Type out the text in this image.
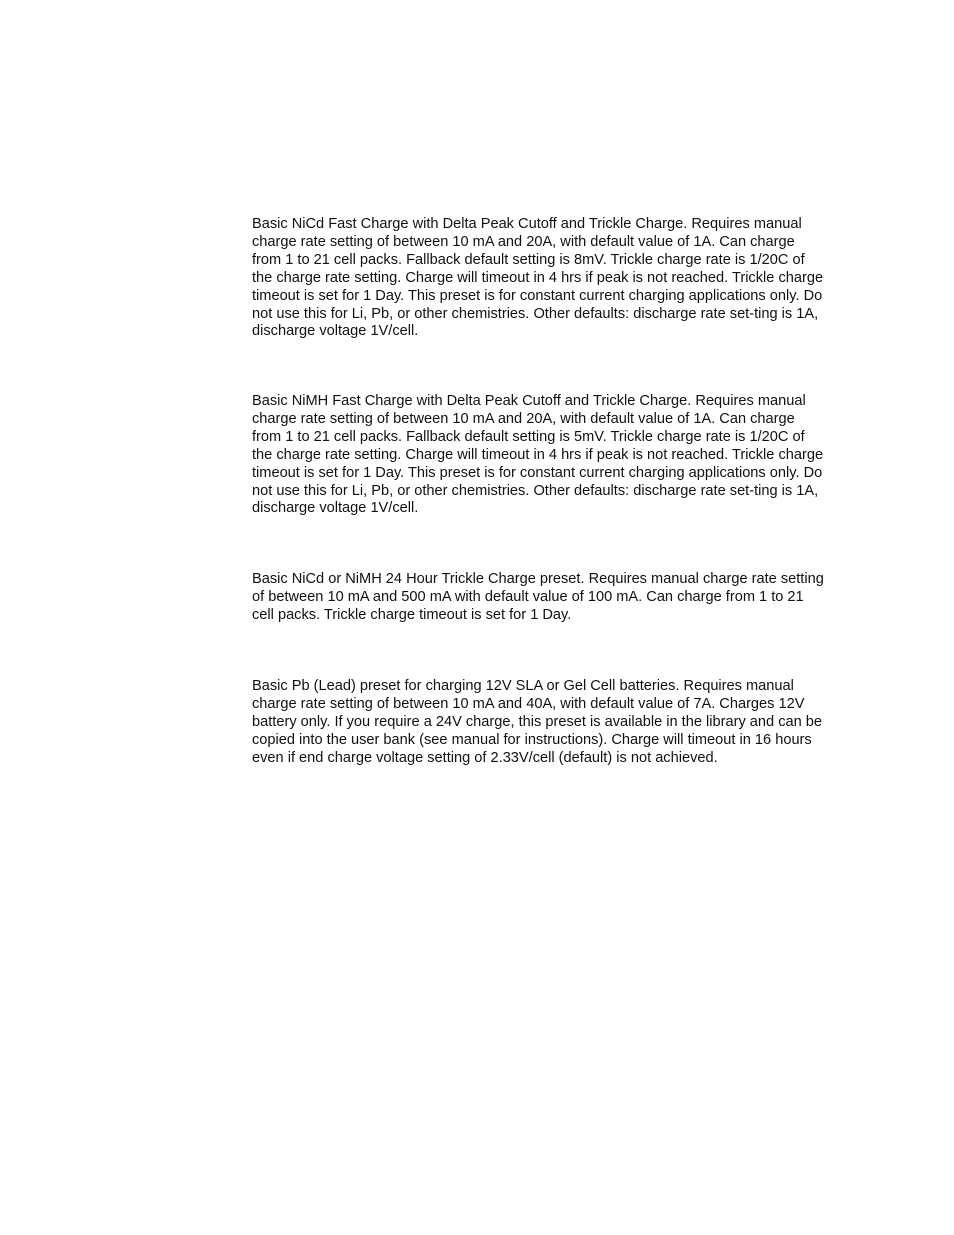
Basic NiCd Fast Charge with Delta Peak Cutoff and Trickle Charge. Requires manual
charge rate setting of between 10 mA and 20A, with default value of 1A. Can charge
from 1 to 21 cell packs. Fallback default setting is 8mV. Trickle charge rate is 1/20C of
the charge rate setting. Charge will timeout in 4 hrs if peak is not reached. Trickle charge
timeout is set for 1 Day. This preset is for constant current charging applications only. Do
not use this for Li, Pb, or other chemistries. Other defaults: discharge rate set-ting is 1A,
discharge voltage 1V/cell.

Basic NiMH Fast Charge with Delta Peak Cutoff and Trickle Charge. Requires manual
charge rate setting of between 10 mA and 20A, with default value of 1A. Can charge
from 1 to 21 cell packs. Fallback default setting is 5mV. Trickle charge rate is 1/20C of
the charge rate setting. Charge will timeout in 4 hrs if peak is not reached. Trickle charge
timeout is set for 1 Day. This preset is for constant current charging applications only. Do
not use this for Li, Pb, or other chemistries. Other defaults: discharge rate set-ting is 1A,
discharge voltage 1V/cell.

Basic NiCd or NiMH 24 Hour Trickle Charge preset. Requires manual charge rate setting
of between 10 mA and 500 mA with default value of 100 mA. Can charge from 1 to 21
cell packs. Trickle charge timeout is set for 1 Day.

Basic Pb (Lead) preset for charging 12V SLA or Gel Cell batteries. Requires manual
charge rate setting of between 10 mA and 40A, with default value of 7A. Charges 12V
battery only. If you require a 24V charge, this preset is available in the library and can be
copied into the user bank (see manual for instructions). Charge will timeout in 16 hours
even if end charge voltage setting of 2.33V/cell (default) is not achieved.
